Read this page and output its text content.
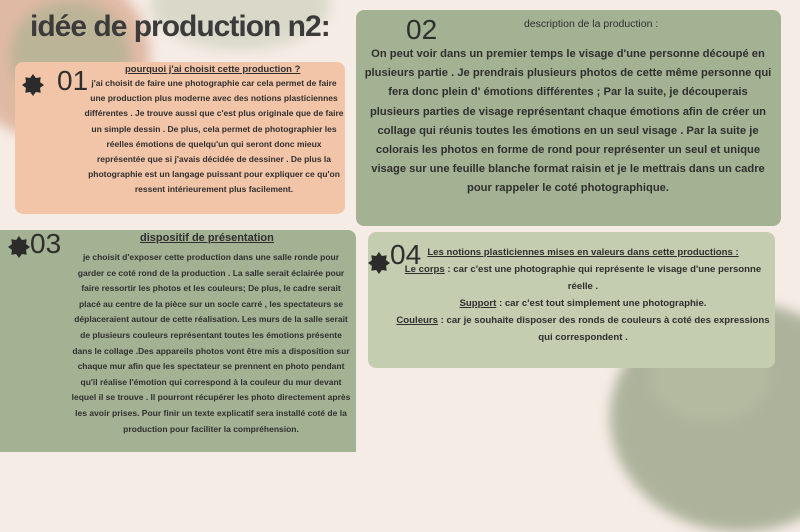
idée de production n2:
pourquoi j'ai choisit cette production ?
01 j'ai choisit de faire une photographie car cela permet de faire une production plus moderne avec des notions plasticiennes différentes . Je trouve aussi que c'est plus originale que de faire un simple dessin . De plus, cela permet de photographier les réelles émotions de quelqu'un qui seront donc mieux représentée que si j'avais décidée de dessiner . De plus la photographie est un langage puissant pour expliquer ce qu'on ressent intérieurement plus facilement.
02	description de la production :
On peut voir dans un premier temps le visage d'une personne découpé en plusieurs partie . Je prendrais plusieurs photos de cette même personne qui fera donc plein d' émotions différentes ; Par la suite, je découperais plusieurs parties de visage représentant chaque émotions afin de créer un collage qui réunis toutes les émotions en un seul visage . Par la suite je colorais les photos en forme de rond pour représenter un seul et unique visage sur une feuille blanche format raisin et je le mettrais dans un cadre pour rappeler le coté photographique.
03	dispositif de présentation
je choisit d'exposer cette production dans une salle ronde pour garder ce coté rond de la production . La salle serait éclairée pour faire ressortir les photos et les couleurs; De plus, le cadre serait placé au centre de la pièce sur un socle carré , les spectateurs se déplaceraient autour de cette réalisation. Les murs de la salle serait de plusieurs couleurs représentant toutes les émotions présente dans le collage .Des appareils photos vont être mis a disposition sur chaque mur afin que les spectateur se prennent en photo pendant qu'il réalise l'émotion qui correspond à la couleur du mur devant lequel il se trouve . Il pourront récupérer les photo directement après les avoir prises. Pour finir un texte explicatif sera installé coté de la production pour faciliter la compréhension.
04 Les notions plasticiennes mises en valeurs dans cette productions :
Le corps : car c'est une photographie qui représente le visage d'une personne réelle .
Support : car c'est tout simplement une photographie.
Couleurs : car je souhaite disposer des ronds de couleurs à coté des expressions qui correspondent .
